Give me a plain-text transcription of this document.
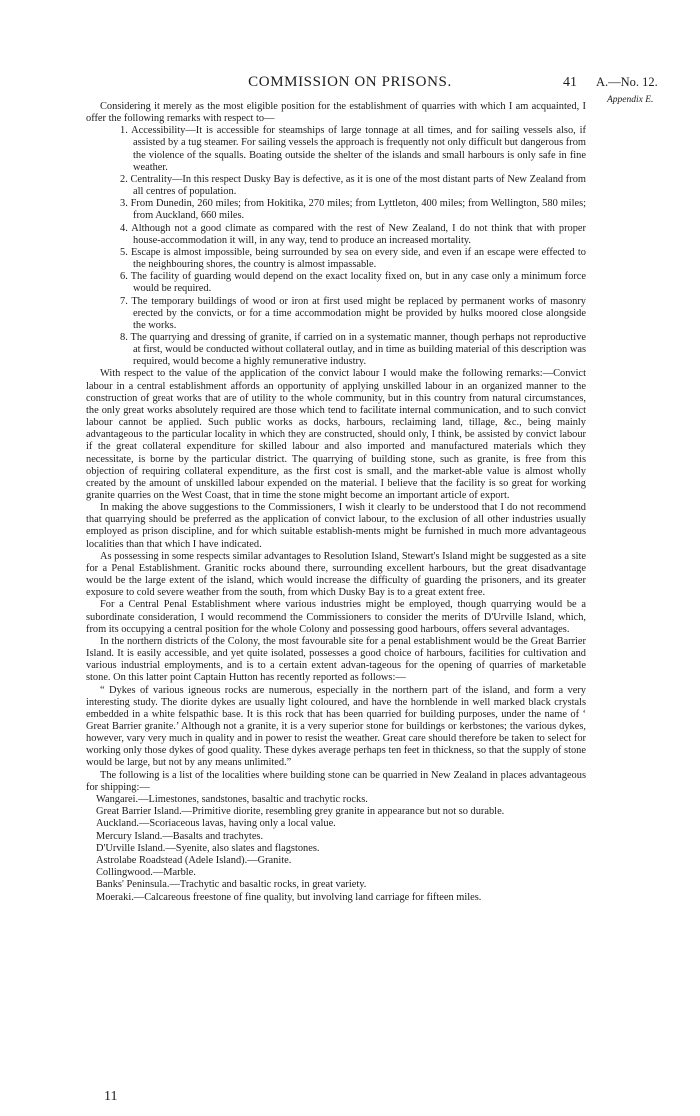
COMMISSION ON PRISONS.	41 A.—No. 12.
Appendix E.

Considering it merely as the most eligible position for the establishment of quarries with which I am acquainted, I offer the following remarks with respect to—

1. Accessibility—It is accessible for steamships of large tonnage at all times, and for sailing vessels also, if assisted by a tug steamer. For sailing vessels the approach is frequently not only difficult but dangerous from the violence of the squalls. Boating outside the shelter of the islands and small harbours is only safe in fine weather.
2. Centrality—In this respect Dusky Bay is defective, as it is one of the most distant parts of New Zealand from all centres of population.
3. From Dunedin, 260 miles; from Hokitika, 270 miles; from Lyttleton, 400 miles; from Wellington, 580 miles; from Auckland, 660 miles.
4. Although not a good climate as compared with the rest of New Zealand, I do not think that with proper house-accommodation it will, in any way, tend to produce an increased mortality.
5. Escape is almost impossible, being surrounded by sea on every side, and even if an escape were effected to the neighbouring shores, the country is almost impassable.
6. The facility of guarding would depend on the exact locality fixed on, but in any case only a minimum force would be required.
7. The temporary buildings of wood or iron at first used might be replaced by permanent works of masonry erected by the convicts, or for a time accommodation might be provided by hulks moored close alongside the works.
8. The quarrying and dressing of granite, if carried on in a systematic manner, though perhaps not reproductive at first, would be conducted without collateral outlay, and in time as building material of this description was required, would become a highly remunerative industry.

With respect to the value of the application of the convict labour I would make the following remarks:—Convict labour in a central establishment affords an opportunity of applying unskilled labour in an organized manner to the construction of great works that are of utility to the whole community, but in this country from natural circumstances, the only great works absolutely required are those which tend to facilitate internal communication, and to such convict labour cannot be applied. Such public works as docks, harbours, reclaiming land, tillage, &c., being mainly advantageous to the particular locality in which they are constructed, should only, I think, be assisted by convict labour if the great collateral expenditure for skilled labour and also imported and manufactured materials which they necessitate, is borne by the particular district. The quarrying of building stone, such as granite, is free from this objection of requiring collateral expenditure, as the first cost is small, and the market-able value is almost wholly created by the amount of unskilled labour expended on the material. I believe that the facility is so great for working granite quarries on the West Coast, that in time the stone might become an important article of export.

In making the above suggestions to the Commissioners, I wish it clearly to be understood that I do not recommend that quarrying should be preferred as the application of convict labour, to the exclusion of all other industries usually employed as prison discipline, and for which suitable establish-ments might be furnished in much more advantageous localities than that which I have indicated.

As possessing in some respects similar advantages to Resolution Island, Stewart's Island might be suggested as a site for a Penal Establishment. Granitic rocks abound there, surrounding excellent harbours, but the great disadvantage would be the large extent of the island, which would increase the difficulty of guarding the prisoners, and its greater exposure to cold severe weather from the south, from which Dusky Bay is to a great extent free.

For a Central Penal Establishment where various industries might be employed, though quarrying would be a subordinate consideration, I would recommend the Commissioners to consider the merits of D'Urville Island, which, from its occupying a central position for the whole Colony and possessing good harbours, offers several advantages.

In the northern districts of the Colony, the most favourable site for a penal establishment would be the Great Barrier Island. It is easily accessible, and yet quite isolated, possesses a good choice of harbours, facilities for cultivation and various industrial employments, and is to a certain extent advan-tageous for the opening of quarries of marketable stone. On this latter point Captain Hutton has recently reported as follows:—

“ Dykes of various igneous rocks are numerous, especially in the northern part of the island, and form a very interesting study. The diorite dykes are usually light coloured, and have the hornblende in well marked black crystals embedded in a white felspathic base. It is this rock that has been quarried for building purposes, under the name of ‘ Great Barrier granite.’ Although not a granite, it is a very superior stone for buildings or kerbstones; the various dykes, however, vary very much in quality and in power to resist the weather. Great care should therefore be taken to select for working only those dykes of good quality. These dykes average perhaps ten feet in thickness, so that the supply of stone would be large, but not by any means unlimited.”

The following is a list of the localities where building stone can be quarried in New Zealand in places advantageous for shipping:—

Wangarei.—Limestones, sandstones, basaltic and trachytic rocks.
Great Barrier Island.—Primitive diorite, resembling grey granite in appearance but not so durable.
Auckland.—Scoriaceous lavas, having only a local value.
Mercury Island.—Basalts and trachytes.
D'Urville Island.—Syenite, also slates and flagstones.
Astrolabe Roadstead (Adele Island).—Granite.
Collingwood.—Marble.
Banks' Peninsula.—Trachytic and basaltic rocks, in great variety.
Moeraki.—Calcareous freestone of fine quality, but involving land carriage for fifteen miles.
11
